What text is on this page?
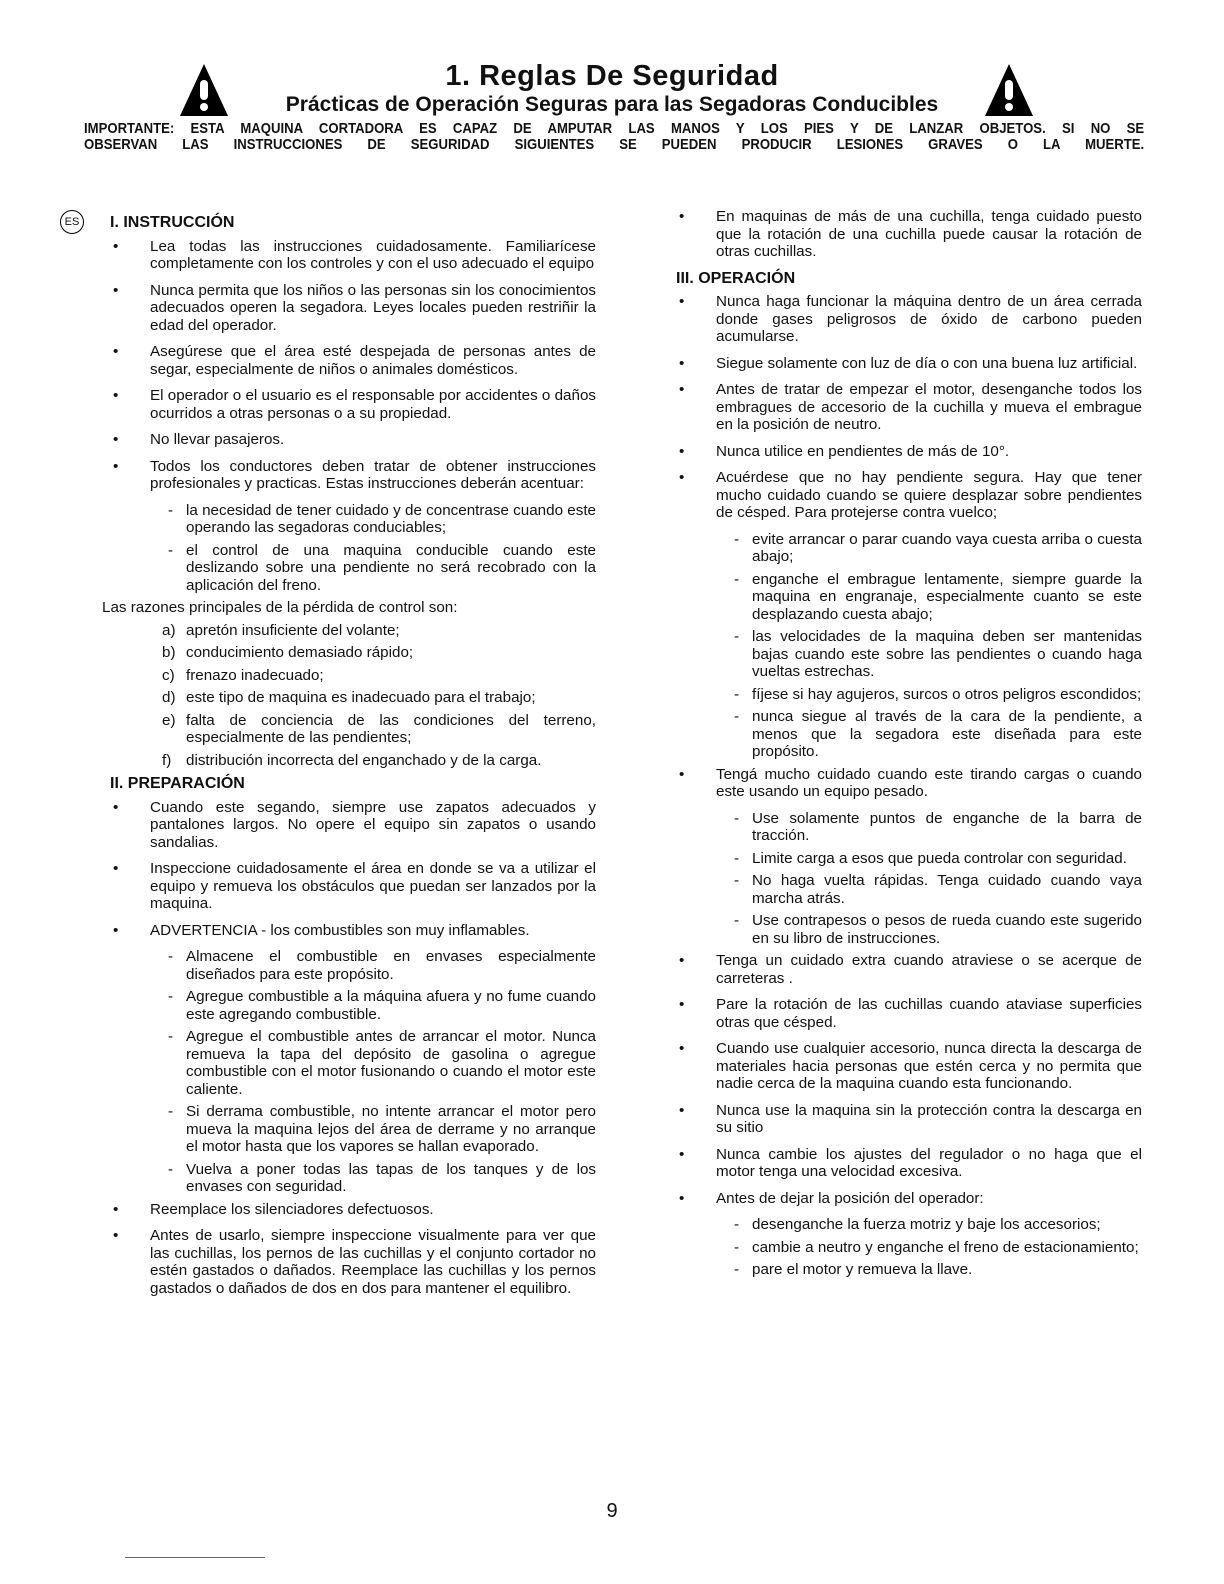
1. Reglas De Seguridad
Prácticas de Operación Seguras para las Segadoras Conducibles
IMPORTANTE: ESTA MAQUINA CORTADORA ES CAPAZ DE AMPUTAR LAS MANOS Y LOS PIES Y DE LANZAR OBJETOS. SI NO SE
OBSERVAN LAS INSTRUCCIONES DE SEGURIDAD SIGUIENTES SE PUEDEN PRODUCIR LESIONES GRAVES O LA MUERTE.
ES I. INSTRUCCIÓN
• Lea todas las instrucciones cuidadosamente. Familiarícese completamente con los controles y con el uso adecuado el equipo
• Nunca permita que los niños o las personas sin los conocimientos adecuados operen la segadora. Leyes locales pueden restriñir la edad del operador.
• Asegúrese que el área esté despejada de personas antes de segar, especialmente de niños o animales domésticos.
• El operador o el usuario es el responsable por accidentes o daños ocurridos a otras personas o a su propiedad.
• No llevar pasajeros.
• Todos los conductores deben tratar de obtener instrucciones profesionales y practicas. Estas instrucciones deberán acentuar:
- la necesidad de tener cuidado y de concentrase cuando este operando las segadoras conduciables;
- el control de una maquina conducible cuando este deslizando sobre una pendiente no será recobrado con la aplicación del freno.
Las razones principales de la pérdida de control son:
a) apretón insuficiente del volante;
b) conducimiento demasiado rápido;
c) frenazo inadecuado;
d) este tipo de maquina es inadecuado para el trabajo;
e) falta de conciencia de las condiciones del terreno, especialmente de las pendientes;
f) distribución incorrecta del enganchado y de la carga.
II. PREPARACIÓN
• Cuando este segando, siempre use zapatos adecuados y pantalones largos. No opere el equipo sin zapatos o usando sandalias.
• Inspeccione cuidadosamente el área en donde se va a utilizar el equipo y remueva los obstáculos que puedan ser lanzados por la maquina.
• ADVERTENCIA - los combustibles son muy inflamables.
- Almacene el combustible en envases especialmente diseñados para este propósito.
- Agregue combustible a la máquina afuera y no fume cuando este agregando combustible.
- Agregue el combustible antes de arrancar el motor. Nunca remueva la tapa del depósito de gasolina o agregue combustible con el motor fusionando o cuando el motor este caliente.
- Si derrama combustible, no intente arrancar el motor pero mueva la maquina lejos del área de derrame y no arranque el motor hasta que los vapores se hallan evaporado.
- Vuelva a poner todas las tapas de los tanques y de los envases con seguridad.
• Reemplace los silenciadores defectuosos.
• Antes de usarlo, siempre inspeccione visualmente para ver que las cuchillas, los pernos de las cuchillas y el conjunto cortador no estén gastados o dañados. Reemplace las cuchillas y los pernos gastados o dañados de dos en dos para mantener el equilibro.
• En maquinas de más de una cuchilla, tenga cuidado puesto que la rotación de una cuchilla puede causar la rotación de otras cuchillas.
III. OPERACIÓN
• Nunca haga funcionar la máquina dentro de un área cerrada donde gases peligrosos de óxido de carbono pueden acumularse.
• Siegue solamente con luz de día o con una buena luz artificial.
• Antes de tratar de empezar el motor, desenganche todos los embragues de accesorio de la cuchilla y mueva el embrague en la posición de neutro.
• Nunca utilice en pendientes de más de 10°.
• Acuérdese que no hay pendiente segura. Hay que tener mucho cuidado cuando se quiere desplazar sobre pendientes de césped. Para protejerse contra vuelco;
- evite arrancar o parar cuando vaya cuesta arriba o cuesta abajo;
- enganche el embrague lentamente, siempre guarde la maquina en engranaje, especialmente cuanto se este desplazando cuesta abajo;
- las velocidades de la maquina deben ser mantenidas bajas cuando este sobre las pendientes o cuando haga vueltas estrechas.
- fíjese si hay agujeros, surcos o otros peligros escondidos;
- nunca siegue al través de la cara de la pendiente, a menos que la segadora este diseñada para este propósito.
• Tengá mucho cuidado cuando este tirando cargas o cuando este usando un equipo pesado.
- Use solamente puntos de enganche de la barra de tracción.
- Limite carga a esos que pueda controlar con seguridad.
- No haga vuelta rápidas. Tenga cuidado cuando vaya marcha atrás.
- Use contrapesos o pesos de rueda cuando este sugerido en su libro de instrucciones.
• Tenga un cuidado extra cuando atraviese o se acerque de carreteras .
• Pare la rotación de las cuchillas cuando ataviase superficies otras que césped.
• Cuando use cualquier accesorio, nunca directa la descarga de materiales hacia personas que estén cerca y no permita que nadie cerca de la maquina cuando esta funcionando.
• Nunca use la maquina sin la protección contra la descarga en su sitio
• Nunca cambie los ajustes del regulador o no haga que el motor tenga una velocidad excesiva.
• Antes de dejar la posición del operador:
- desenganche la fuerza motriz y baje los accesorios;
- cambie a neutro y enganche el freno de estacionamiento;
- pare el motor y remueva la llave.
9
